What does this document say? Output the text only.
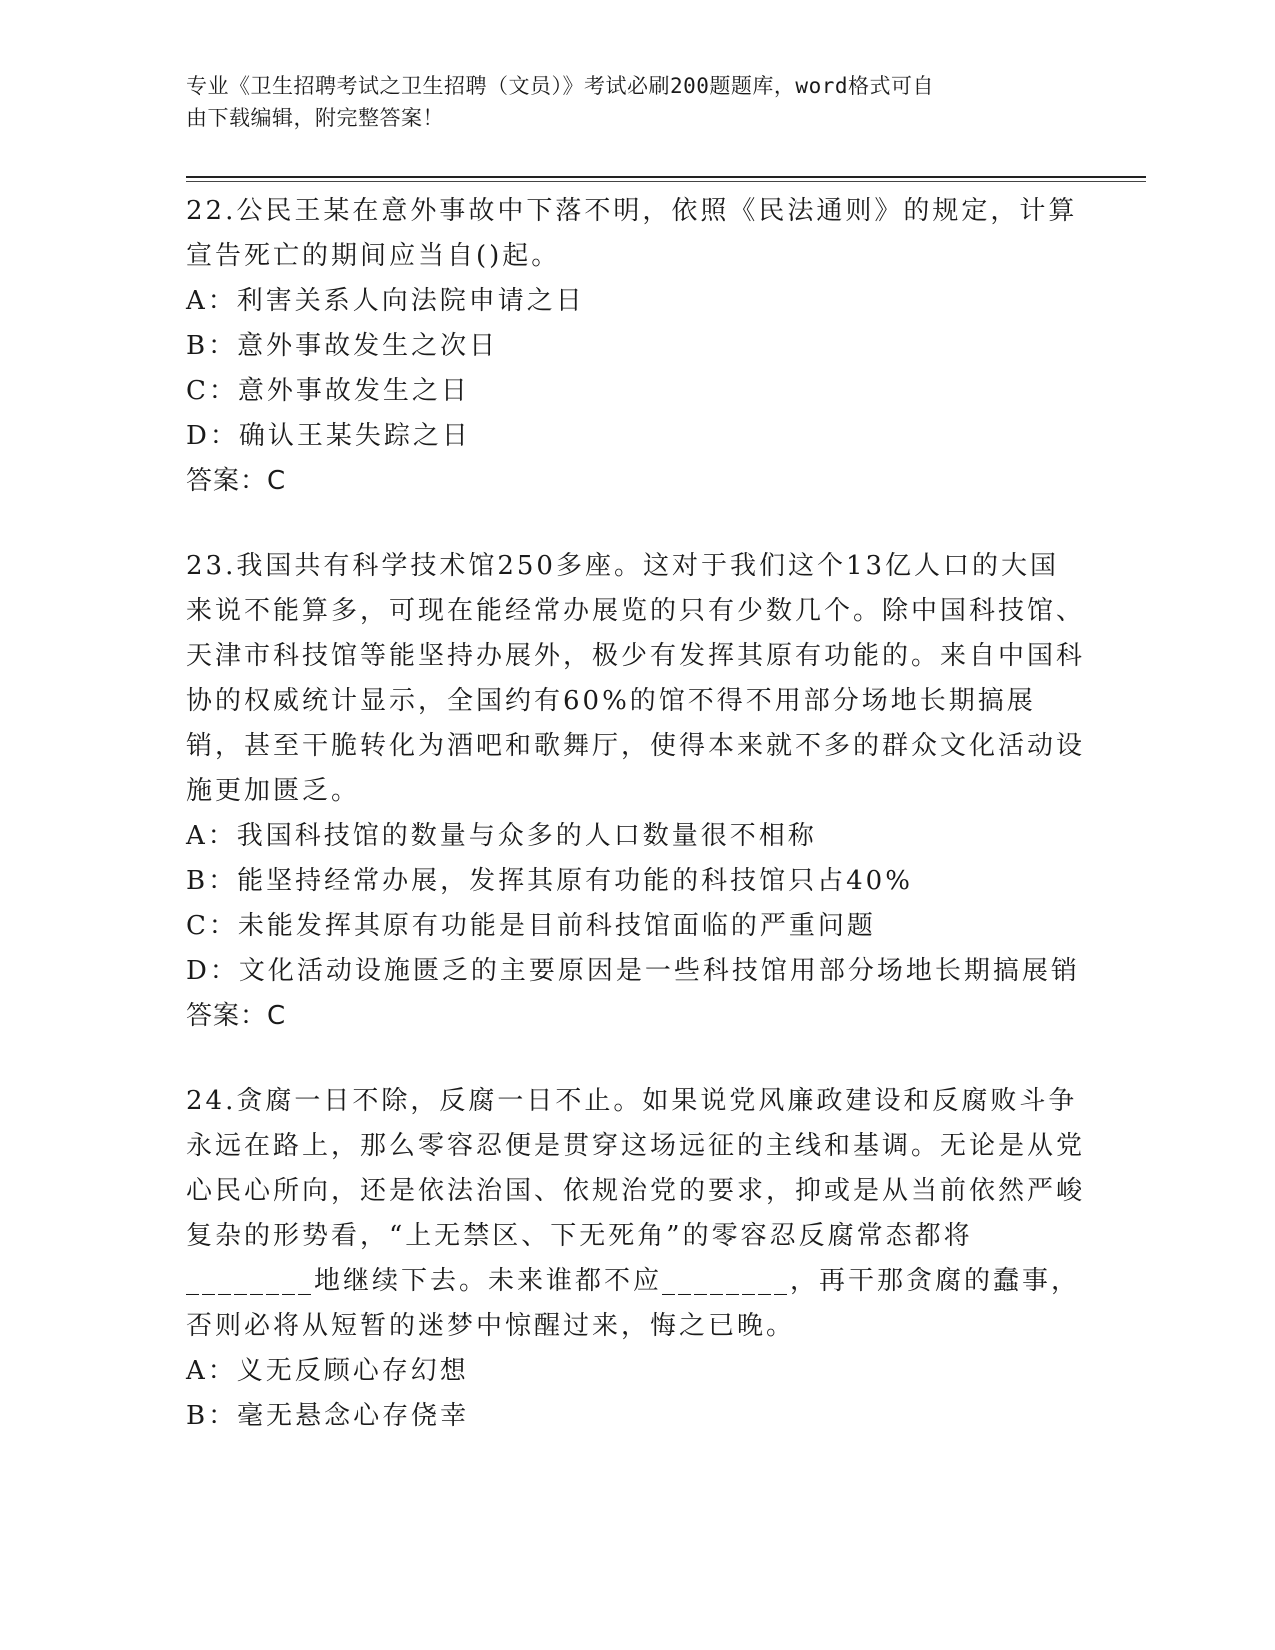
专业《卫生招聘考试之卫生招聘（文员）》考试必刷200题题库，word格式可自
由下载编辑，附完整答案！

22.公民王某在意外事故中下落不明，依照《民法通则》的规定，计算宣告死亡的期间应当自()起。

A：利害关系人向法院申请之日

B：意外事故发生之次日

C：意外事故发生之日

D：确认王某失踪之日

答案：C

23.我国共有科学技术馆250多座。这对于我们这个13亿人口的大国来说不能算多，可现在能经常办展览的只有少数几个。除中国科技馆、天津市科技馆等能坚持办展外，极少有发挥其原有功能的。来自中国科协的权威统计显示，全国约有60%的馆不得不用部分场地长期搞展销，甚至干脆转化为酒吧和歌舞厅，使得本来就不多的群众文化活动设施更加匮乏。

A：我国科技馆的数量与众多的人口数量很不相称

B：能坚持经常办展，发挥其原有功能的科技馆只占40%

C：未能发挥其原有功能是目前科技馆面临的严重问题

D：文化活动设施匮乏的主要原因是一些科技馆用部分场地长期搞展销

答案：C

24.贪腐一日不除，反腐一日不止。如果说党风廉政建设和反腐败斗争永远在路上，那么零容忍便是贯穿这场远征的主线和基调。无论是从党心民心所向，还是依法治国、依规治党的要求，抑或是从当前依然严峻复杂的形势看，“上无禁区、下无死角”的零容忍反腐常态都将________地继续下去。未来谁都不应________，再干那贪腐的蠢事，否则必将从短暂的迷梦中惊醒过来，悔之已晚。

A：义无反顾心存幻想

B：毫无悬念心存侥幸
